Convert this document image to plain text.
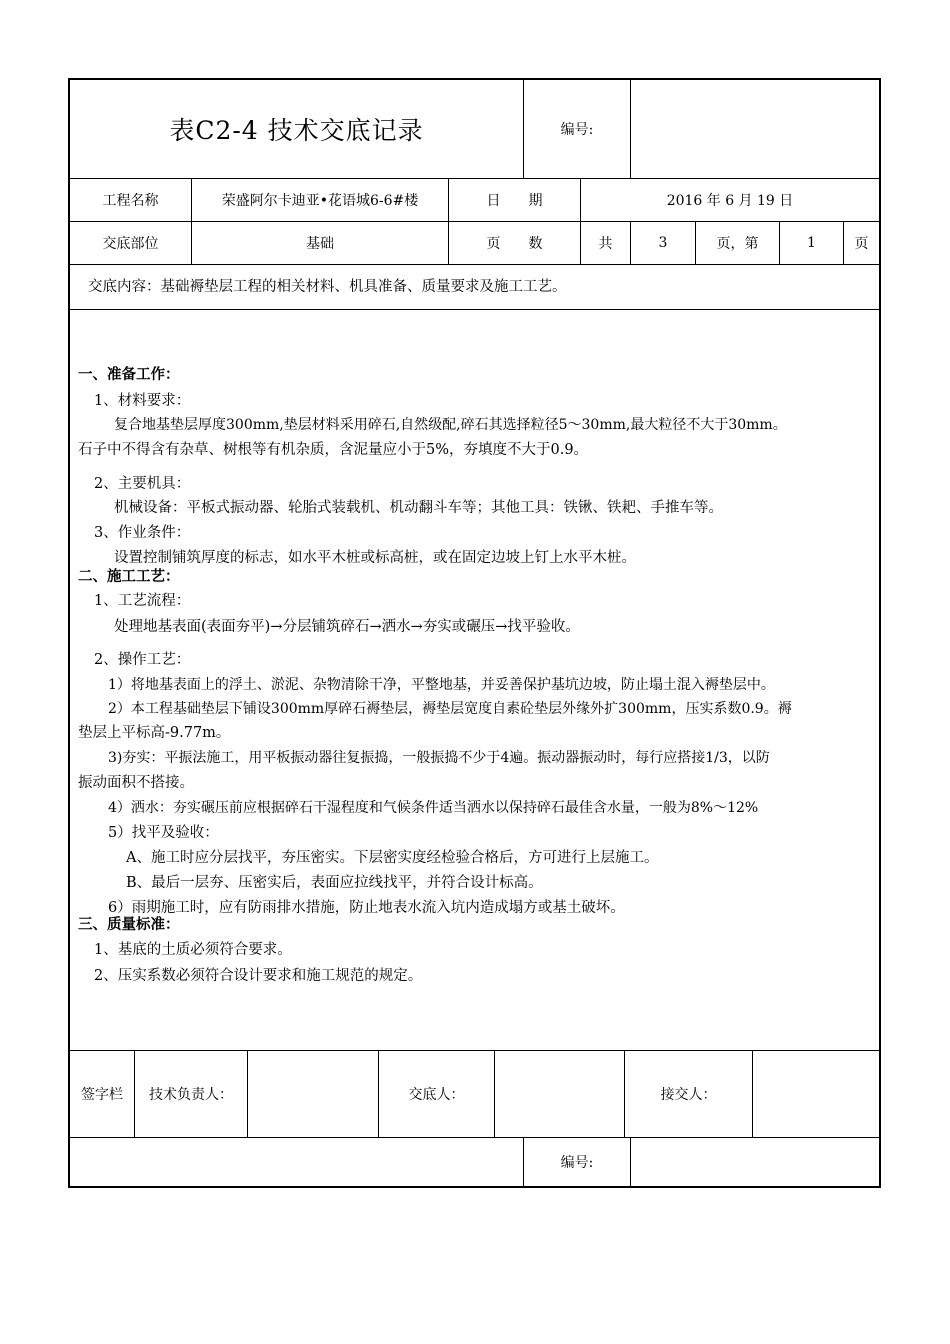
表C2-4 技术交底记录	编号:
工程名称	荣盛阿尔卡迪亚•花语城6-6#楼	日　　期	2016 年 6 月 19 日
交底部位	基础	页　　数	共	3	页，第	1	页
交底内容：基础褥垫层工程的相关材料、机具准备、质量要求及施工工艺。
一、准备工作：
1、材料要求：
复合地基垫层厚度300mm,垫层材料采用碎石,自然级配,碎石其选择粒径5～30mm,最大粒径不大于30mm。
石子中不得含有杂草、树根等有机杂质，含泥量应小于5%，夯填度不大于0.9。
2、主要机具：
机械设备：平板式振动器、轮胎式装载机、机动翻斗车等；其他工具：铁锹、铁耙、手推车等。
3、作业条件：
设置控制铺筑厚度的标志，如水平木桩或标高桩，或在固定边坡上钉上水平木桩。
二、施工工艺：
1、工艺流程：
处理地基表面(表面夯平)→分层铺筑碎石→洒水→夯实或碾压→找平验收。
2、操作工艺：
1）将地基表面上的浮土、淤泥、杂物清除干净，平整地基，并妥善保护基坑边坡，防止塌土混入褥垫层中。
2）本工程基础垫层下铺设300mm厚碎石褥垫层，褥垫层宽度自素砼垫层外缘外扩300mm，压实系数0.9。褥
垫层上平标高-9.77m。
3)夯实：平振法施工，用平板振动器往复振捣，一般振捣不少于4遍。振动器振动时，每行应搭接1/3，以防
振动面积不搭接。
4）洒水：夯实碾压前应根据碎石干湿程度和气候条件适当洒水以保持碎石最佳含水量，一般为8%～12%
5）找平及验收：
A、施工时应分层找平，夯压密实。下层密实度经检验合格后，方可进行上层施工。
B、最后一层夯、压密实后，表面应拉线找平，并符合设计标高。
6）雨期施工时，应有防雨排水措施，防止地表水流入坑内造成塌方或基土破坏。
三、质量标准：
1、基底的土质必须符合要求。
2、压实系数必须符合设计要求和施工规范的规定。
签字栏	技术负责人：	交底人：	接交人：
编号:
